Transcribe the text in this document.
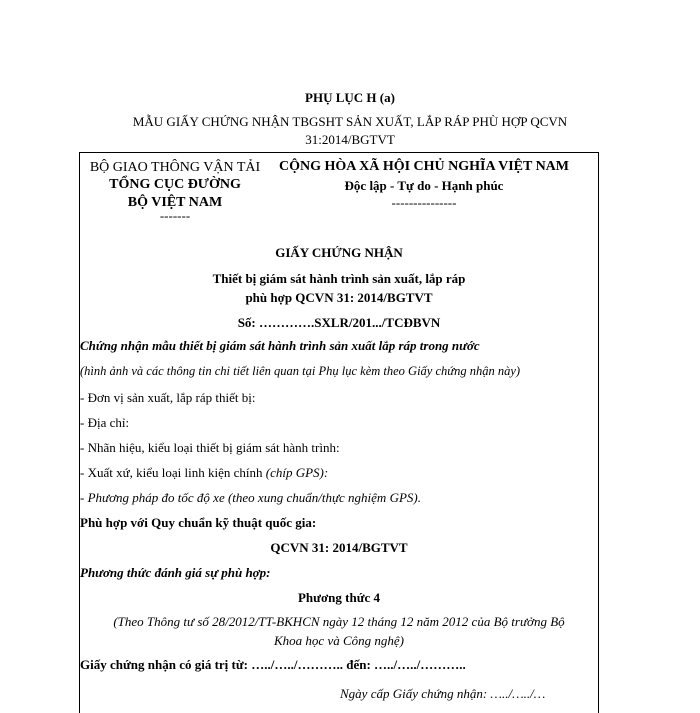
PHỤ LỤC H (a)
MẪU GIẤY CHỨNG NHẬN TBGSHT SẢN XUẤT, LẮP RÁP PHÙ HỢP QCVN 31:2014/BGTVT
BỘ GIAO THÔNG VẬN TẢI
TỔNG CỤC ĐƯỜNG
BỘ VIỆT NAM
-------
CỘNG HÒA XÃ HỘI CHỦ NGHĨA VIỆT NAM
Độc lập - Tự do - Hạnh phúc
---------------
GIẤY CHỨNG NHẬN
Thiết bị giám sát hành trình sản xuất, lắp ráp
phù hợp QCVN 31: 2014/BGTVT
Số: ………….SXLR/201.../TCĐBVN
Chứng nhận mẫu thiết bị giám sát hành trình sản xuất lắp ráp trong nước
(hình ảnh và các thông tin chi tiết liên quan tại Phụ lục kèm theo Giấy chứng nhận này)
- Đơn vị sản xuất, lắp ráp thiết bị:
- Địa chỉ:
- Nhãn hiệu, kiểu loại thiết bị giám sát hành trình:
- Xuất xứ, kiểu loại linh kiện chính (chíp GPS):
- Phương pháp đo tốc độ xe (theo xung chuẩn/thực nghiệm GPS).
Phù hợp với Quy chuẩn kỹ thuật quốc gia:
QCVN 31: 2014/BGTVT
Phương thức đánh giá sự phù hợp:
Phương thức 4
(Theo Thông tư số 28/2012/TT-BKHCN ngày 12 tháng 12 năm 2012 của Bộ trưởng Bộ
Khoa học và Công nghệ)
Giấy chứng nhận có giá trị từ: …../…../……….. đến: …../…../………..
Ngày cấp Giấy chứng nhận: …../…../…
